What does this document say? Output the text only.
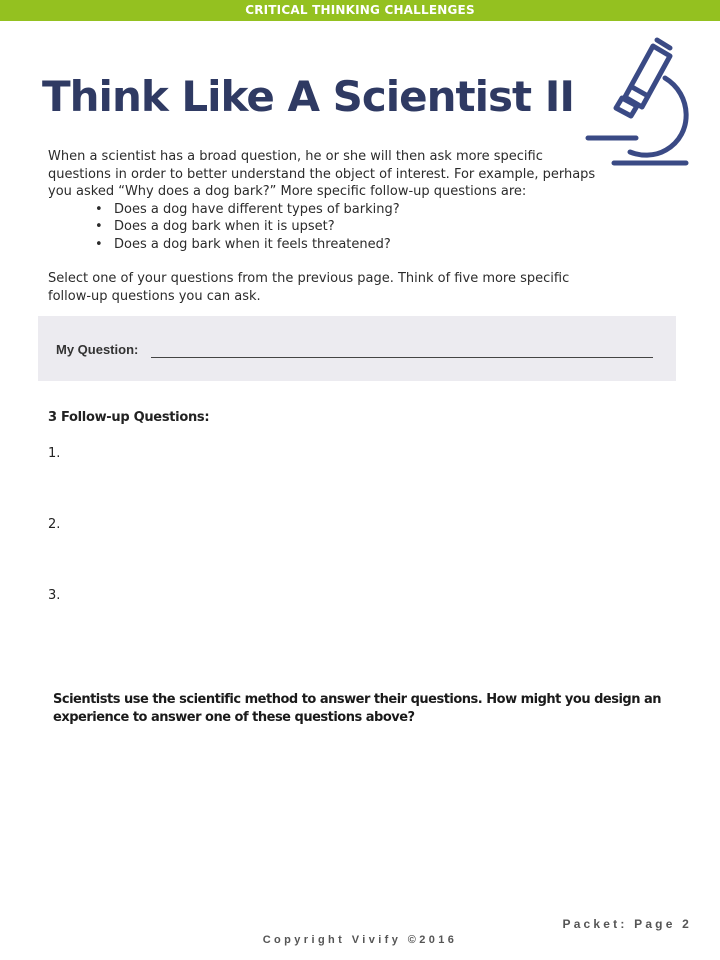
CRITICAL THINKING CHALLENGES
Think Like A Scientist II

When a scientist has a broad question, he or she will then ask more specific questions in order to better understand the object of interest. For example, perhaps you asked “Why does a dog bark?” More specific follow-up questions are:

• Does a dog have different types of barking?
• Does a dog bark when it is upset?
• Does a dog bark when it feels threatened?

Select one of your questions from the previous page. Think of five more specific follow-up questions you can ask.

My Question:
3 Follow-up Questions:
1.
2.
3.
Scientists use the scientific method to answer their questions. How might you design an experience to answer one of these questions above?
Packet: Page 2
Copyright Vivify ©2016
